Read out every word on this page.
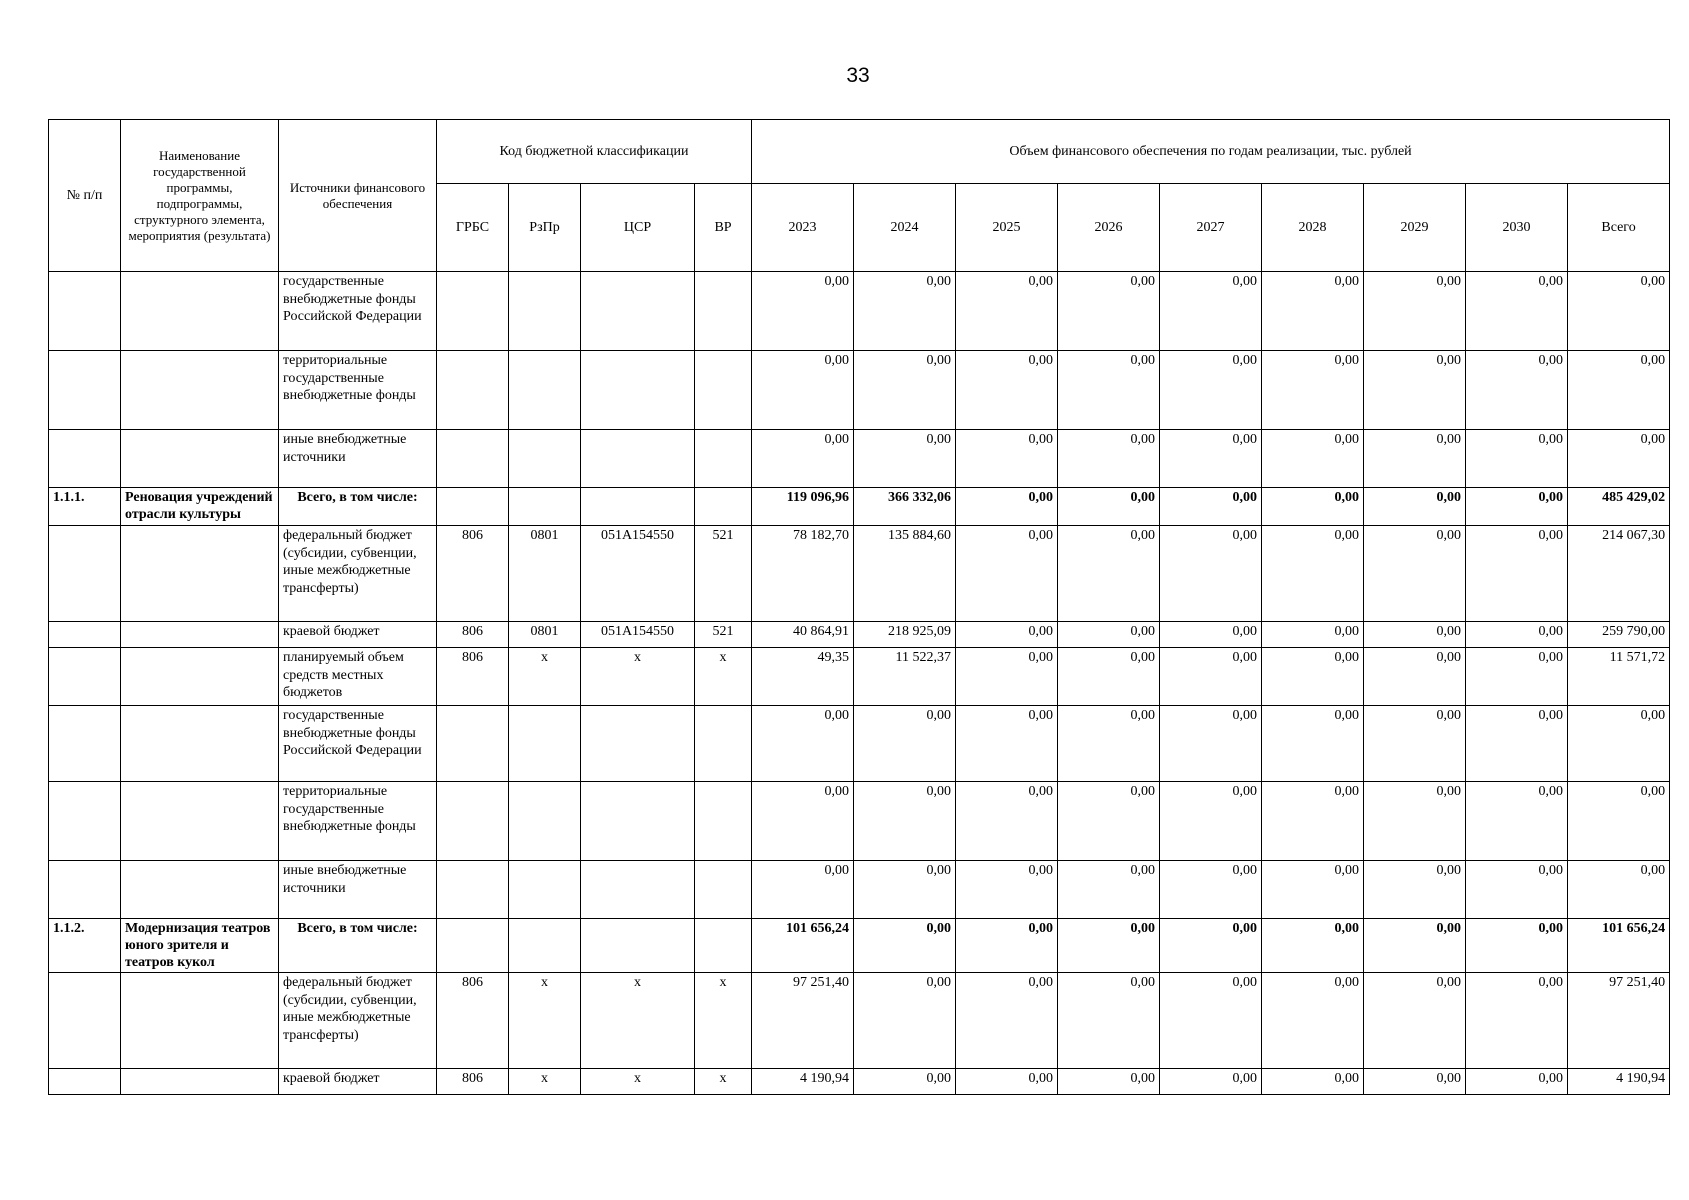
33
№ п/п	Наименование государственной программы, подпрограммы, структурного элемента, мероприятия (результата)	Источники финансового обеспечения	Код бюджетной классификации				Объем финансового обеспечения по годам реализации, тыс. рублей								
			ГРБС	РзПр	ЦСР	ВР	2023	2024	2025	2026	2027	2028	2029	2030	Всего
		государственные внебюджетные фонды Российской Федерации					0,00	0,00	0,00	0,00	0,00	0,00	0,00	0,00	0,00
		территориальные государственные внебюджетные фонды					0,00	0,00	0,00	0,00	0,00	0,00	0,00	0,00	0,00
		иные внебюджетные источники					0,00	0,00	0,00	0,00	0,00	0,00	0,00	0,00	0,00
1.1.1.	Реновация учреждений отрасли культуры	Всего, в том числе:					119 096,96	366 332,06	0,00	0,00	0,00	0,00	0,00	0,00	485 429,02
		федеральный бюджет (субсидии, субвенции, иные межбюджетные трансферты)	806	0801	051A154550	521	78 182,70	135 884,60	0,00	0,00	0,00	0,00	0,00	0,00	214 067,30
		краевой бюджет	806	0801	051A154550	521	40 864,91	218 925,09	0,00	0,00	0,00	0,00	0,00	0,00	259 790,00
		планируемый объем средств местных бюджетов	806	x	x	x	49,35	11 522,37	0,00	0,00	0,00	0,00	0,00	0,00	11 571,72
		государственные внебюджетные фонды Российской Федерации					0,00	0,00	0,00	0,00	0,00	0,00	0,00	0,00	0,00
		территориальные государственные внебюджетные фонды					0,00	0,00	0,00	0,00	0,00	0,00	0,00	0,00	0,00
		иные внебюджетные источники					0,00	0,00	0,00	0,00	0,00	0,00	0,00	0,00	0,00
1.1.2.	Модернизация театров юного зрителя и театров кукол	Всего, в том числе:					101 656,24	0,00	0,00	0,00	0,00	0,00	0,00	0,00	101 656,24
		федеральный бюджет (субсидии, субвенции, иные межбюджетные трансферты)	806	x	x	x	97 251,40	0,00	0,00	0,00	0,00	0,00	0,00	0,00	97 251,40
		краевой бюджет	806	x	x	x	4 190,94	0,00	0,00	0,00	0,00	0,00	0,00	0,00	4 190,94
